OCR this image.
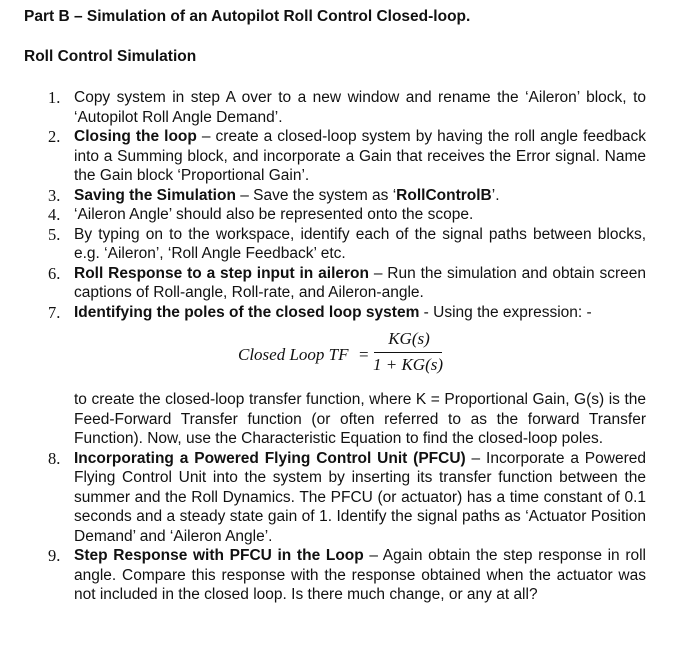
Part B – Simulation of an Autopilot Roll Control Closed-loop.
Roll Control Simulation
1. Copy system in step A over to a new window and rename the ‘Aileron’ block, to ‘Autopilot Roll Angle Demand’.
2. Closing the loop – create a closed-loop system by having the roll angle feedback into a Summing block, and incorporate a Gain that receives the Error signal. Name the Gain block ‘Proportional Gain’.
3. Saving the Simulation – Save the system as ‘RollControlB’.
4. ‘Aileron Angle’ should also be represented onto the scope.
5. By typing on to the workspace, identify each of the signal paths between blocks, e.g. ‘Aileron’, ‘Roll Angle Feedback’ etc.
6. Roll Response to a step input in aileron – Run the simulation and obtain screen captions of Roll-angle, Roll-rate, and Aileron-angle.
7. Identifying the poles of the closed loop system - Using the expression: -
Closed Loop TF =
KG(s)
1 + KG(s)
to create the closed-loop transfer function, where K = Proportional Gain, G(s) is the Feed-Forward Transfer function (or often referred to as the forward Transfer Function). Now, use the Characteristic Equation to find the closed-loop poles.
8. Incorporating a Powered Flying Control Unit (PFCU) – Incorporate a Powered Flying Control Unit into the system by inserting its transfer function between the summer and the Roll Dynamics. The PFCU (or actuator) has a time constant of 0.1 seconds and a steady state gain of 1. Identify the signal paths as ‘Actuator Position Demand’ and ‘Aileron Angle’.
9. Step Response with PFCU in the Loop – Again obtain the step response in roll angle. Compare this response with the response obtained when the actuator was not included in the closed loop. Is there much change, or any at all?
